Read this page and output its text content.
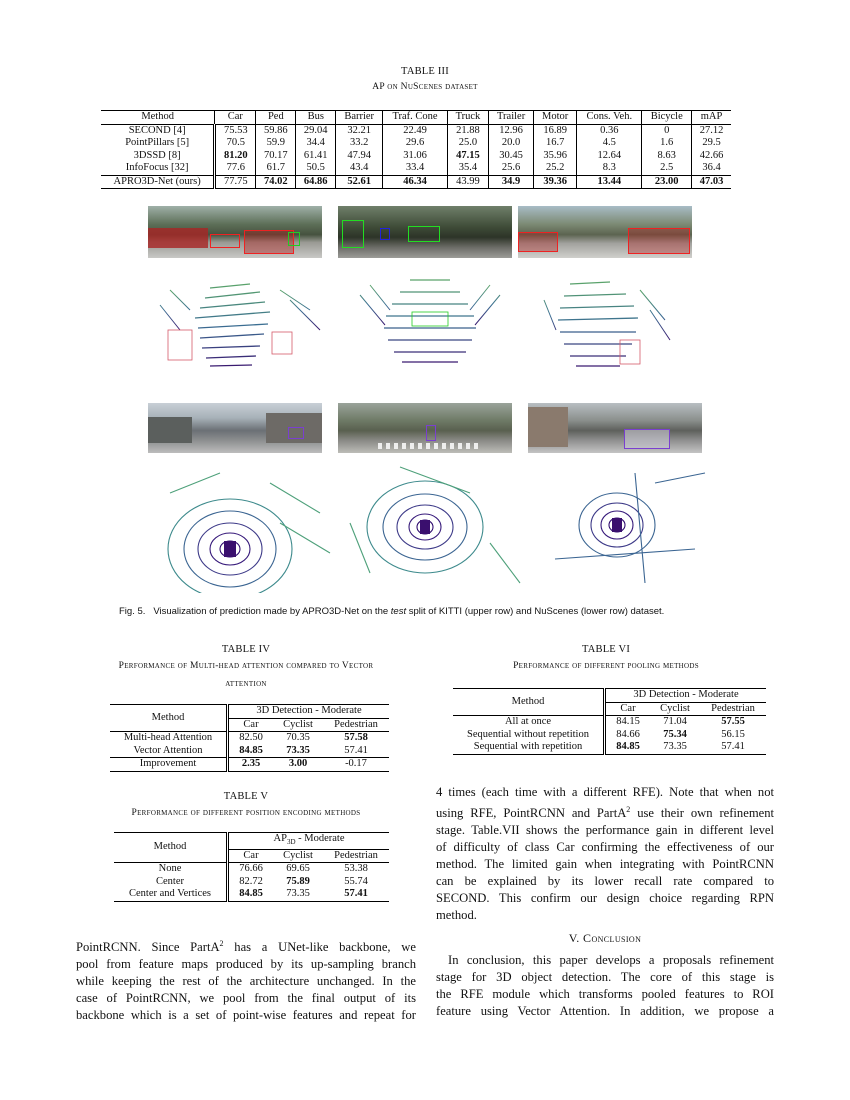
TABLE III
AP on NuScenes dataset
Method	Car	Ped	Bus	Barrier	Traf. Cone	Truck	Trailer	Motor	Cons. Veh.	Bicycle	mAP
SECOND [4]	75.53	59.86	29.04	32.21	22.49	21.88	12.96	16.89	0.36	0	27.12
PointPillars [5]	70.5	59.9	34.4	33.2	29.6	25.0	20.0	16.7	4.5	1.6	29.5
3DSSD [8]	81.20	70.17	61.41	47.94	31.06	47.15	30.45	35.96	12.64	8.63	42.66
InfoFocus [32]	77.6	61.7	50.5	43.4	33.4	35.4	25.6	25.2	8.3	2.5	36.4
APRO3D-Net (ours)	77.75	74.02	64.86	52.61	46.34	43.99	34.9	39.36	13.44	23.00	47.03
Fig. 5. Visualization of prediction made by APRO3D-Net on the test split of KITTI (upper row) and NuScenes (lower row) dataset.
TABLE IV
Performance of Multi-head attention compared to Vector
attention
Method	3D Detection - Moderate		
	Car	Cyclist	Pedestrian
Multi-head Attention	82.50	70.35	57.58
Vector Attention	84.85	73.35	57.41
Improvement	2.35	3.00	-0.17
TABLE V
Performance of different position encoding methods
Method	$AP_{3D}$ - Moderate		
	Car	Cyclist	Pedestrian
None	76.66	69.65	53.38
Center	82.72	75.89	55.74
Center and Vertices	84.85	73.35	57.41
TABLE VI
Performance of different pooling methods
Method	3D Detection - Moderate		
	Car	Cyclist	Pedestrian
All at once	84.15	71.04	57.55
Sequential without repetition	84.66	75.34	56.15
Sequential with repetition	84.85	73.35	57.41
4 times (each time with a different RFE). Note that when not
using RFE, PointRCNN and PartA$^2$ use their own refinement
stage. Table.VII shows the performance gain in different level
of difficulty of class Car confirming the effectiveness of our
method. The limited gain when integrating with PointRCNN
can be explained by its lower recall rate compared to
SECOND. This confirm our design choice regarding RPN
method.
V. Conclusion
In conclusion, this paper develops a proposals refinement
stage for 3D object detection. The core of this stage is
the RFE module which transforms pooled features to ROI
feature using Vector Attention. In addition, we propose a
PointRCNN. Since PartA$^2$ has a UNet-like backbone, we
pool from feature maps produced by its up-sampling branch
while keeping the rest of the architecture unchanged. In the
case of PointRCNN, we pool from the final output of its
backbone which is a set of point-wise features and repeat for
